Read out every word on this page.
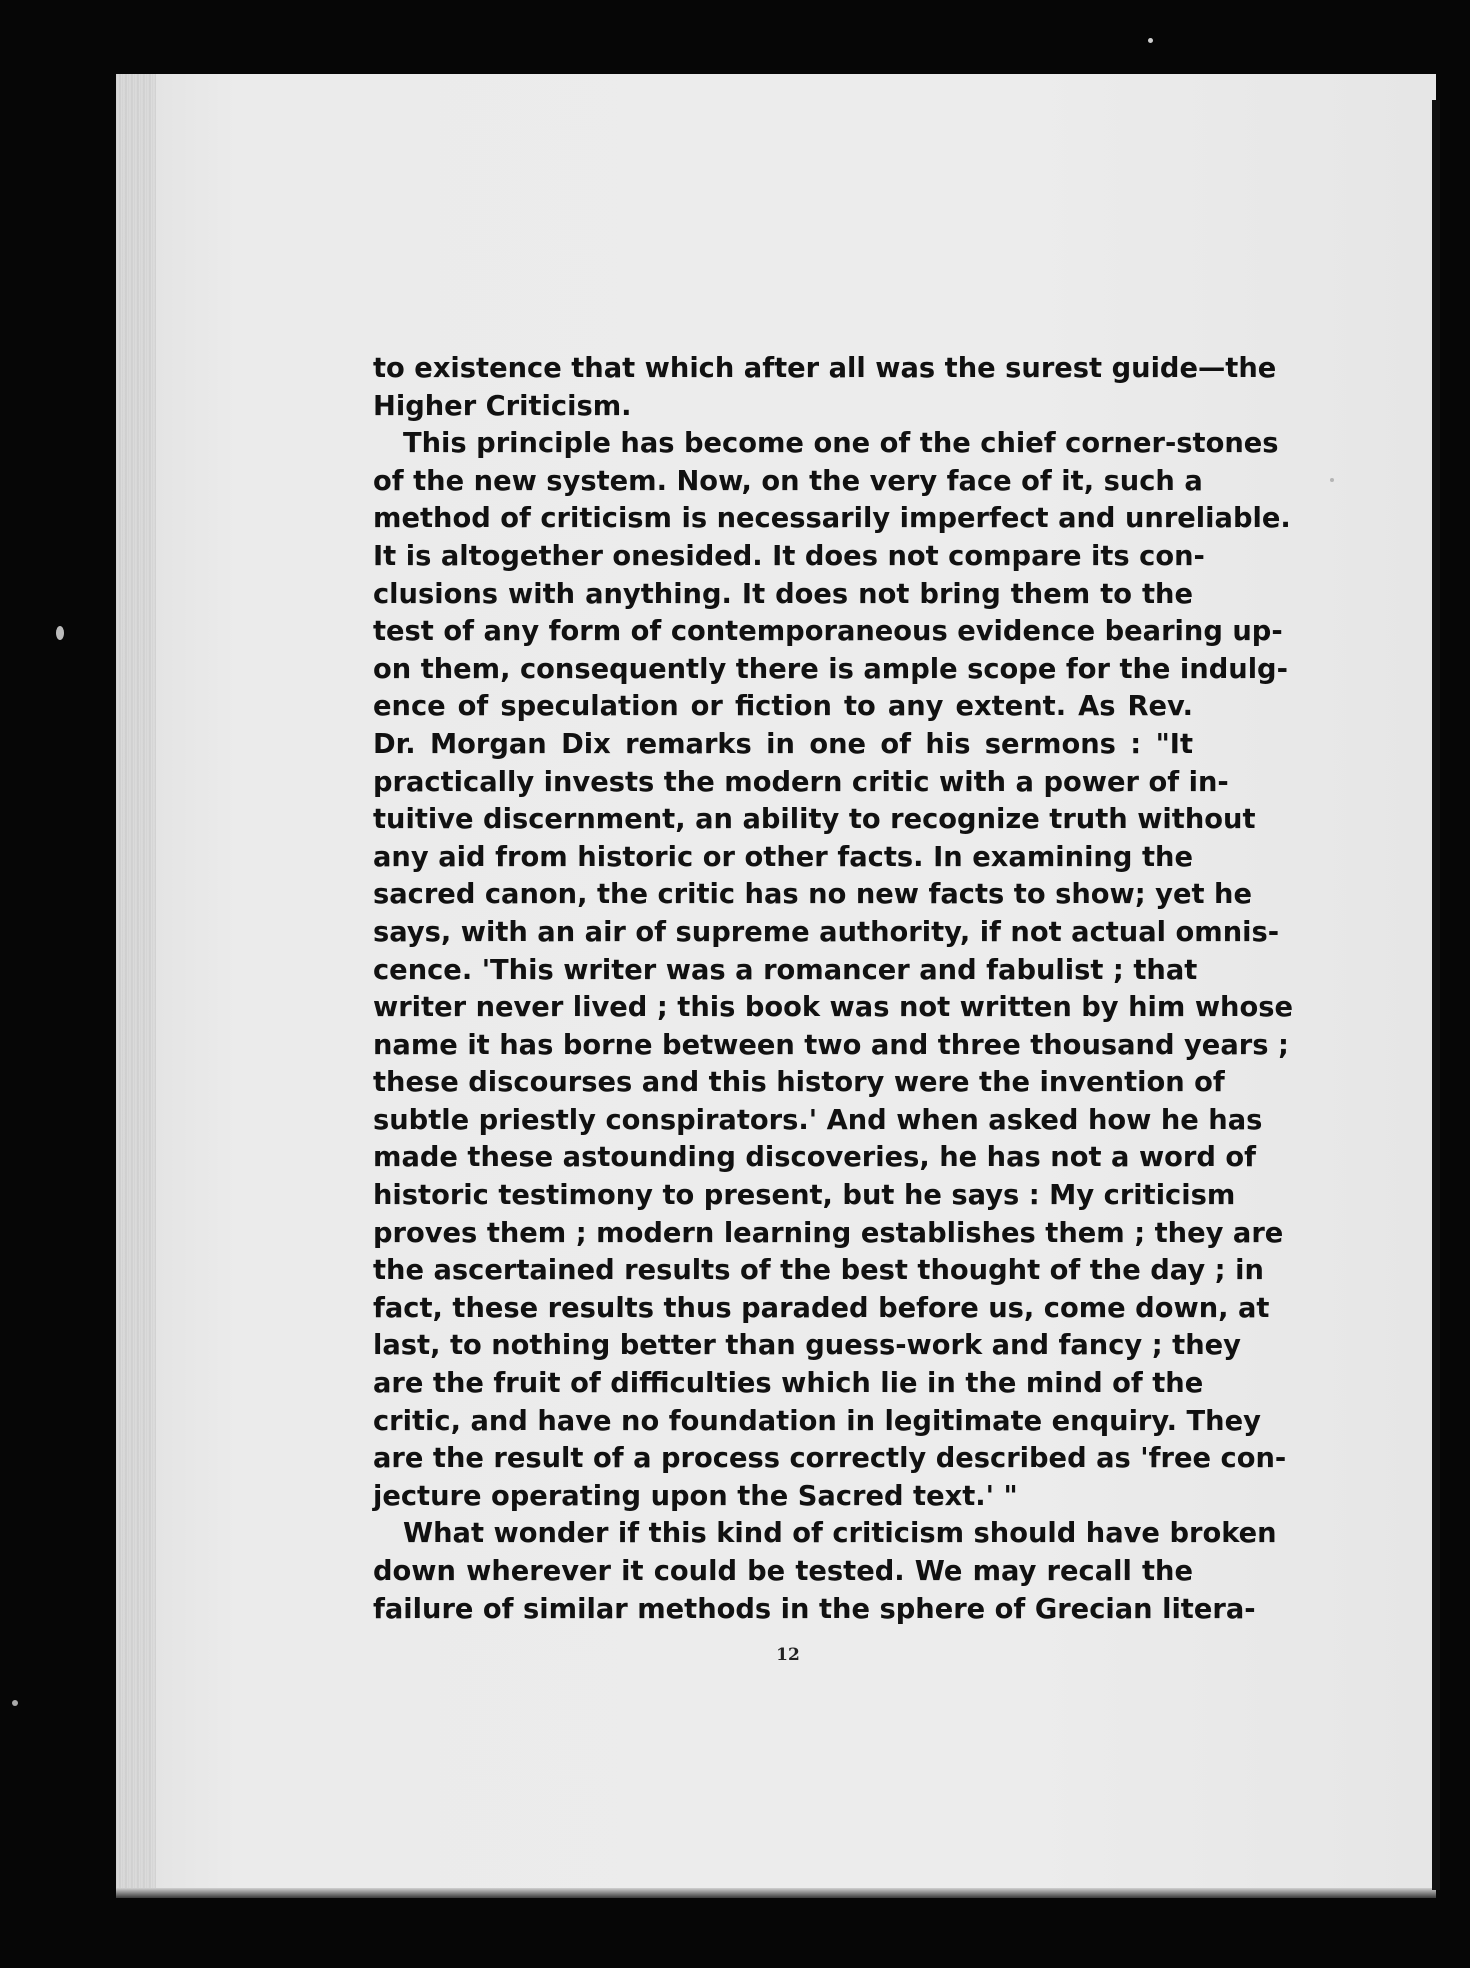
to existence that which after all was the surest guide—the
Higher Criticism.
This principle has become one of the chief corner-stones
of the new system. Now, on the very face of it, such a
method of criticism is necessarily imperfect and unreliable.
It is altogether onesided. It does not compare its con-
clusions with anything. It does not bring them to the
test of any form of contemporaneous evidence bearing up-
on them, consequently there is ample scope for the indulg-
ence of speculation or fiction to any extent. As Rev.
Dr. Morgan Dix remarks in one of his sermons : "It
practically invests the modern critic with a power of in-
tuitive discernment, an ability to recognize truth without
any aid from historic or other facts. In examining the
sacred canon, the critic has no new facts to show; yet he
says, with an air of supreme authority, if not actual omnis-
cence. 'This writer was a romancer and fabulist ; that
writer never lived ; this book was not written by him whose
name it has borne between two and three thousand years ;
these discourses and this history were the invention of
subtle priestly conspirators.' And when asked how he has
made these astounding discoveries, he has not a word of
historic testimony to present, but he says : My criticism
proves them ; modern learning establishes them ; they are
the ascertained results of the best thought of the day ; in
fact, these results thus paraded before us, come down, at
last, to nothing better than guess-work and fancy ; they
are the fruit of difficulties which lie in the mind of the
critic, and have no foundation in legitimate enquiry. They
are the result of a process correctly described as 'free con-
jecture operating upon the Sacred text.' "
What wonder if this kind of criticism should have broken
down wherever it could be tested. We may recall the
failure of similar methods in the sphere of Grecian litera-
12
